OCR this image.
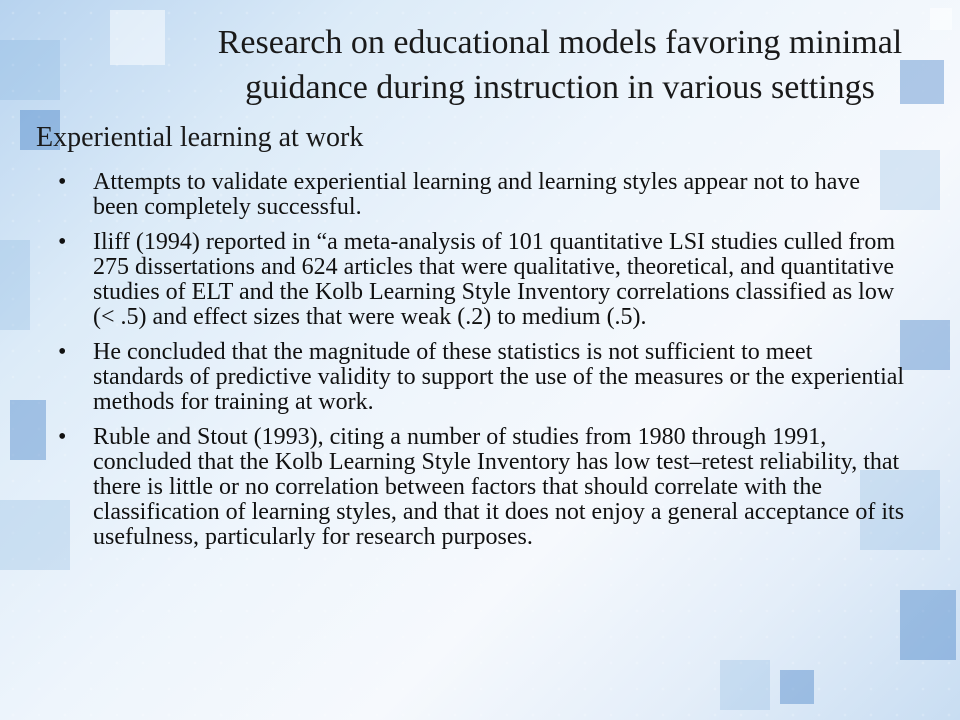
Research on educational models favoring minimal guidance during instruction in various settings
Experiential learning at work
• Attempts to validate experiential learning and learning styles appear not to have been completely successful.
• Iliff (1994) reported in “a meta-analysis of 101 quantitative LSI studies culled from 275 dissertations and 624 articles that were qualitative, theoretical, and quantitative studies of ELT and the Kolb Learning Style Inventory correlations classified as low (< .5) and effect sizes that were weak (.2) to medium (.5).
• He concluded that the magnitude of these statistics is not sufficient to meet standards of predictive validity to support the use of the measures or the experiential methods for training at work.
• Ruble and Stout (1993), citing a number of studies from 1980 through 1991, concluded that the Kolb Learning Style Inventory has low test–retest reliability, that there is little or no correlation between factors that should correlate with the classification of learning styles, and that it does not enjoy a general acceptance of its usefulness, particularly for research purposes.
